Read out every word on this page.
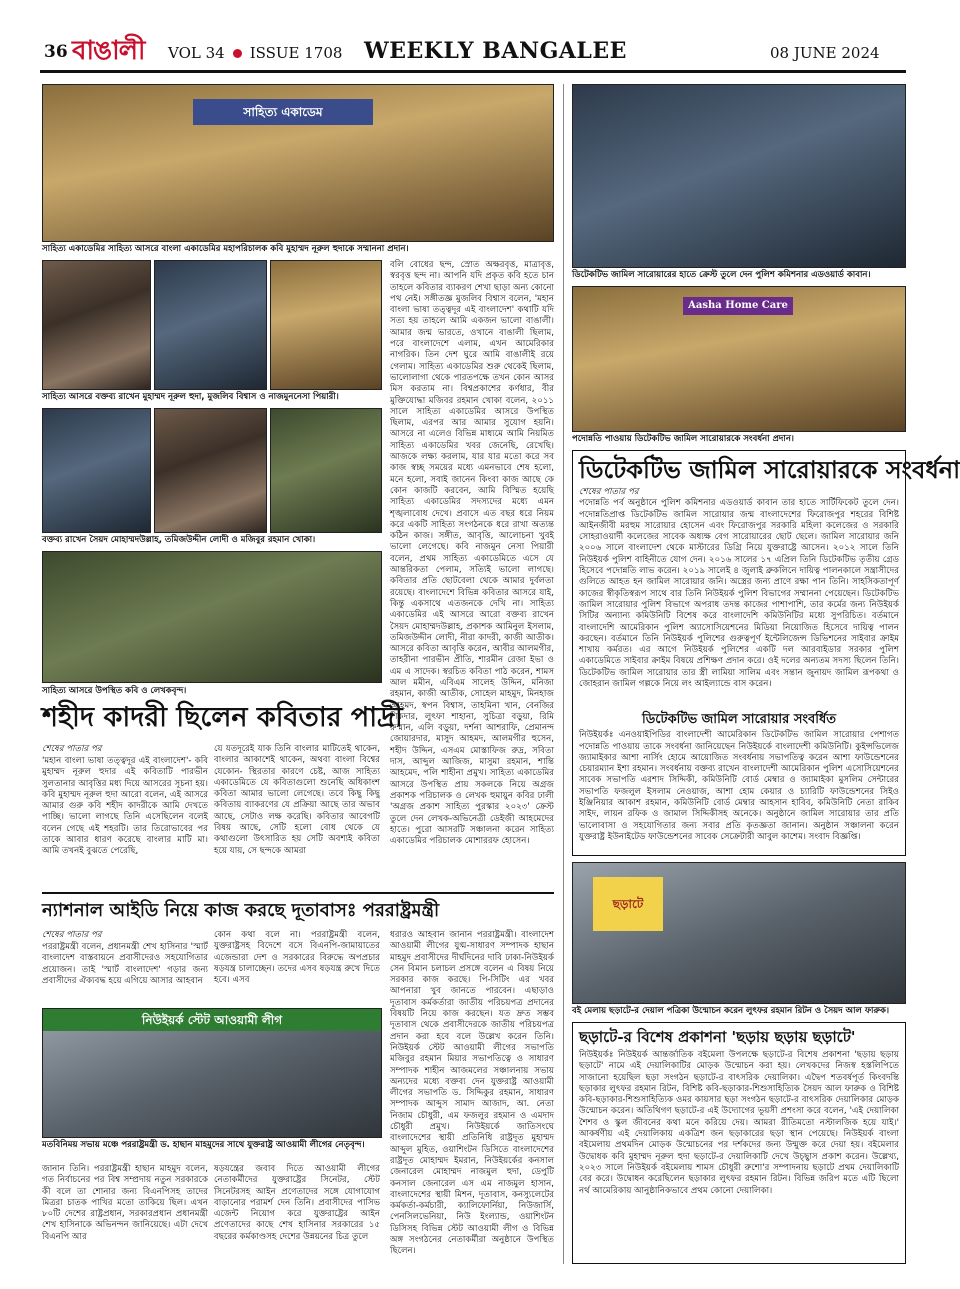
36 বাঙালী VOL 34 ISSUE 1708 WEEKLY BANGALEE	08 JUNE 2024
সাহিত্য একাডেম
সাহিত্য একাডেমির সাহিত্য আসরে বাংলা একাডেমির মহাপরিচালক কবি মুহাম্মদ নূরুল হুদাকে সম্মাননা প্রদান।
সাহিত্য আসরে বক্তব্য রাখেন মুহাম্মদ নূরুল হুদা, মুজলিব বিশ্বাস ও নাজমুননেসা পিয়ারী।
বক্তব্য রাখেন সৈয়দ মোহাম্মদউল্লাহ, তমিজউদ্দীন লোদী ও মজিবুর রহমান খোকা।
সাহিত্য আসরে উপস্থিত কবি ও লেখকবৃন্দ।
বলি বোধের ছন্দ, স্রোত অক্ষরবৃত্ত, মাত্রাবৃত্ত, স্বরবৃত্ত ছন্দ না। আপনি যদি প্রকৃত কবি হতে চান তাহলে কবিতার ব্যাকরণ শেখা ছাড়া অন্য কোনো পথ নেই। সঙ্গীতজ্ঞ মুজলিব বিশ্বাস বলেন, 'মহান বাংলা ভাষা তত্ত্বদূর এই বাংলাদেশ' কথাটি যদি সত্য হয় তাহলে আমি একজন ভালো বাঙালী। আমার জন্ম ভারতে, ওখানে বাঙালী ছিলাম, পরে বাংলাদেশে এলাম, এখন আমেরিকার নাগরিক। তিন দেশ ঘুরে আমি বাঙালীই রয়ে গেলাম। সাহিত্য একাডেমির শুরু থেকেই ছিলাম, ভালোলাগা থেকে পারতপক্ষে তখন কোন আসর মিস করতাম না। বিশ্বপ্রকাশের কর্ণধার, বীর মুক্তিযোদ্ধা মজিবর রহমান খোকা বলেন, ২০১১ সালে সাহিত্য একাডেমির আসরে উপস্থিত ছিলাম, এরপর আর আমার সুযোগ হয়নি। আসরে না এলেও বিভিন্ন মাধ্যমে আমি নিয়মিত সাহিত্য একাডেমির খবর জেনেছি, রেখেছি। আজকে লক্ষ্য করলাম, যার যার মতো করে সব কাজ স্বচ্ছ সময়ের মধ্যে এমনভাবে শেষ হলো, মনে হলো, সবাই জানেন কিংবা কাজ আছে কে কোন কাজটি করবেন, আমি বিস্মিত হয়েছি সাহিত্য একাডেমির সদস্যদের মধ্যে এমন শৃঙ্খলাবোধ দেখে। প্রবাসে এত বছর ধরে নিয়ম করে একটি সাহিত্য সংগঠনকে ধরে রাখা অত্যন্ত কঠিন কাজ। সঙ্গীত, আবৃত্তি, আলোচনা খুবই ভালো লেগেছে। কবি নাজমুন নেসা পিয়ারী বলেন, প্রথম সাহিত্য একাডেমিতে এসে যে আন্তরিকতা পেলাম, সত্যিই ভালো লাগছে। কবিতার প্রতি ছোটবেলা থেকে আমার দুর্বলতা রয়েছে। বাংলাদেশে বিভিন্ন কবিতার আসরে যাই, কিন্তু একসাথে এতজনকে দেখি না। সাহিত্য একাডেমির এই আসরে আরো বক্তব্য রাখেন সৈয়দ মোহাম্মদউল্লাহ, প্রকাশক আমিনুল ইসলাম, তমিজউদ্দীন লোদী, নীরা কাদরী, কাজী আতীক। আসরে কবিতা আবৃত্তি করেন, আবীর আলমগীর, তাহরীনা পারভীন প্রীতি, শারমীন রেজা ইভা ও এম এ সাদেক। স্বরচিত কবিতা পাঠ করেন, শামস আল মমীন, এবিএম সালেহ উদ্দিন, মনিজা রহমান, কাজী আতীক, সোহেল মাহমুদ, মিনহাজ আহমদ, স্বপন বিশ্বাস, তাহমিনা খান, বেনজির শিকদার, লুৎফা শাহানা, সুচিত্রা বড়ুয়া, রিমি রুম্মান, এলি বড়ুয়া, দর্শনা আশরাফি, প্রেমানন্দ জোয়ারদার, মাসুদ আহমদ, আলমগীর হুসেন, শহীদ উদ্দিন, এসএম মোস্তাফিজ রুদ্র, সবিতা দাস, আব্দুল আজিজ, মাসুমা রহমান, শান্তি আহমেদ, পলি শাহীনা প্রমুখ। সাহিত্য একাডেমির আসরে উপস্থিত প্রায় সকলকে নিয়ে অগ্রজ প্রকাশক পরিচালক ও লেখক হুমায়ুন কবির ঢালী 'অগ্রজ প্রকাশ সাহিত্য পুরস্কার ২০২৩' ক্রেস্ট তুলে দেন লেখক-অভিনেত্রী ডেইজী আহমেদের হাতে। পুরো আসরটি সঞ্চালনা করেন সাহিত্য একাডেমির পরিচালক মোশাররফ হোসেন।
শহীদ কাদরী ছিলেন কবিতার পাদ্রী
শেষের পাতার পর
'মহান বাংলা ভাষা তত্ত্বদূর এই বাংলাদেশ'- কবি মুহাম্মদ নূরুল হুদার এই কবিতাটি পারভীন সুলতানার আবৃত্তির মধ্য দিয়ে আসরের সূচনা হয়। কবি মুহাম্মদ নূরুল হুদা আরো বলেন, এই আসরে আমার গুরু কবি শহীদ কাদরীকে আমি দেখতে পাচ্ছি। ভালো লাগছে তিনি এসেছিলেন বলেই বলেন গেছে এই শহরটি। তার তিরোভাবের পর তাকে আবার ধারণ করেছে বাংলার মাটি মা। আমি তখনই বুঝতে পেরেছি,
যে যতদূরেই যাক তিনি বাংলার মাটিতেই থাকেন, বাংলার আকাশেই থাকেন, অথবা বাংলা বিশ্বের যেকোন- স্থিরতার কারণে চেষ্ট, আজ সাহিত্য একাডেমিতে যে কবিতাগুলো শুনেছি অধিকাংশ কবিতা আমার ভালো লেগেছে। তবে কিছু কিছু কবিতায় ব্যাকরণের যে প্রক্রিয়া আছে তার অভাব আছে, সেটাও লক্ষ করেছি। কবিতার আবেগটি বিষয় আছে, সেটি হলো বোধ থেকে যে কথাগুলো উৎসারিত হয় সেটি অবশ্যই কবিতা হয়ে যায়, সে ছন্দকে আমরা
ন্যাশনাল আইডি নিয়ে কাজ করছে দূতাবাসঃ পররাষ্ট্রমন্ত্রী
শেষের পাতার পর
পররাষ্ট্রমন্ত্রী বলেন, প্রধানমন্ত্রী শেখ হাসিনার 'স্মার্ট বাংলাদেশ বাস্তবায়নে প্রবাসীদেরও সহযোগিতার প্রয়োজন। তাই 'স্মার্ট বাংলাদেশ' গড়ার জন্য প্রবাসীদের ঐক্যবদ্ধ হয়ে এগিয়ে আসার আহবান
কোন কথা বলে না। পররাষ্ট্রমন্ত্রী বলেন, যুক্তরাষ্ট্রসহ বিদেশে বসে বিএনপি-জামায়াতের এজেন্ডারা দেশ ও সরকারের বিরুদ্ধে অপপ্রচার ষড়যন্ত্র চালাচ্ছেন। তদের এসব ষড়যন্ত্র রুখে দিতে হবে। এসব
নিউইয়র্ক স্টেট আওয়ামী লীগ
মতবিনিময় সভায় মঞ্চে পররাষ্ট্রমন্ত্রী ড. হাছান মাহমুদের সাথে যুক্তরাষ্ট্র আওয়ামী লীগের নেতৃবৃন্দ।
জানান তিনি। পররাষ্ট্রমন্ত্রী হাছান মাহমুদ বলেন, গত নির্বাচনের পর বিশ্ব সম্প্রদায় নতুন সরকারকে কী বলে তা শোনার জন্য বিএনপিসহ তাদের মিত্ররা চাতক পাখির মতো তাকিয়ে ছিল। এখন ৮০টি দেশের রাষ্ট্রপ্রধান, সরকারপ্রধান প্রধানমন্ত্রী শেখ হাসিনাকে অভিনন্দন জানিয়েছে। এটা দেখে বিএনপি আর
ষড়যন্ত্রের জবাব দিতে আওয়ামী লীগের নেতাকর্মীদের যুক্তরাষ্ট্রের সিনেটর, স্টেট সিনেটরসহ আইন প্রণেতাদের সঙ্গে যোগাযোগ বাড়ানোর পরামর্শ দেন তিনি। প্রবাসীদের পাসিভ এজেন্ট নিয়োগ করে যুক্তরাষ্ট্রের আইন প্রণেতাদের কাছে শেখ হাসিনার সরকারের ১৫ বছরের কর্মকাণ্ডসহ দেশের উন্নয়নের চিত্র তুলে
ধরারও আহবান জানান পররাষ্ট্রমন্ত্রী। বাংলাদেশ আওয়ামী লীগের যুগ্ম-সাধারণ সম্পাদক হাছান মাহমুদ প্রবাসীদের দীর্ঘদিনের দাবি ঢাকা-নিউইয়র্ক সেন বিমান চলাচল প্রসঙ্গে বলেন এ বিষয় নিয়ে সরকার কাজ করছে। পি-সিটিং এর খবর আপনারা খুব জানতে পারবেন। এছাড়াও দূতাবাস কর্মকর্তারা জাতীয় পরিচয়পত্র প্রদানের বিষয়টি নিয়ে কাজ করছেন। যত দ্রুত সম্ভব দূতাবাস থেকে প্রবাসীদেরকে জাতীয় পরিচয়পত্র প্রদান করা হবে বলে উল্লেখ করেন তিনি। নিউইয়র্ক স্টেট আওয়ামী লীগের সভাপতি মজিবুর রহমান মিয়ার সভাপতিত্বে ও সাধারণ সম্পাদক শাহীন আজমলের সঞ্চালনায় সভায় অন্যদের মধ্যে বক্তব্য দেন যুক্তরাষ্ট্র আওয়ামী লীগের সভাপতি ড. সিদ্দিকুর রহমান, সাধারণ সম্পাদক আব্দুস সামাদ আজাদ, আ. নেতা নিজাম চৌধুরী, এম ফজলুর রহমান ও এমদাদ চৌধুরী প্রমুখ। নিউইয়র্কে জাতিসংঘে বাংলাদেশের স্থায়ী প্রতিনিধি রাষ্ট্রদূত মুহাম্মদ আব্দুল মুহিত, ওয়াশিংটন ডিসিতে বাংলাদেশের রাষ্ট্রদূত মোহাম্মদ ইমরান, নিউইয়র্কের কনসাল জেনারেল মোহাম্মদ নাজমুল হুদা, ডেপুটি কনসাল জেনারেল এস এম নাজমুল হাসান, বাংলাদেশের স্থায়ী মিশন, দূতাবাস, কনস্যুলেটের কর্মকর্তা-কর্মচারী, ক্যালিফোর্নিয়া, নিউজার্সি, পেনসিলভেনিয়া, নিউ ইংল্যান্ড, ওয়াশিংটন ডিসিসহ বিভিন্ন স্টেট আওয়ামী লীগ ও বিভিন্ন অঙ্গ সংগঠনের নেতাকর্মীরা অনুষ্ঠানে উপস্থিত ছিলেন।
ডিটেকটিভ জামিল সারোয়ারের হাতে ক্রেস্ট তুলে দেন পুলিশ কমিশনার এডওয়ার্ড কাবান।
Aasha Home Care
পদোন্নতি পাওয়ায় ডিটেকটিভ জামিল সারোয়ারকে সংবর্ধনা প্রদান।
ডিটেকটিভ জামিল সারোয়ারকে সংবর্ধনা
শেষের পাতার পর
পদোন্নতি পর্ব অনুষ্ঠানে পুলিশ কমিশনার এডওয়ার্ড কাবান তার হাতে সার্টিফিকেট তুলে দেন। পদোন্নতিপ্রাপ্ত ডিটেকটিভ জামিল সারোয়ার জন্ম বাংলাদেশের ফিরোজপুর শহরের বিশিষ্ট আইনজীবী মরহুম সারোয়ার হোসেন এবং ফিরোজপুর সরকারি মহিলা কলেজের ও সরকারি সোহরাওয়ার্দী কলেজের সাবেক অধ্যক্ষ বেগ সারোয়ারের ছোট ছেলে। জামিল সারোয়ার জনি ২০০৬ সালে বাংলাদেশ থেকে মাস্টারের ডিগ্রি নিয়ে যুক্তরাষ্ট্রে আসেন। ২০১২ সালে তিনি নিউইয়র্ক পুলিশ বাহিনীতে যোগ দেন। ২০১৬ সালের ১৭ এপ্রিল তিনি ডিটেকটিভ তৃতীয় গ্রেড হিসেবে পদোন্নতি লাভ করেন। ২০১৯ সালেই ৪ জুলাই ব্রুকলিনে দায়িত্ব পালনকালে সন্ত্রাসীদের গুলিতে আহত হন জামিল সারোয়ার জনি। অস্ত্রের জন্য প্রাণে রক্ষা পান তিনি। সাহসিকতাপূর্ণ কাজের স্বীকৃতিস্বরূপ সাথে বার তিনি নিউইয়র্ক পুলিশ বিভাগের সম্মাননা পেয়েছেন। ডিটেকটিভ জামিল সারোয়ার পুলিশ বিভাগে অপরাধ তদন্ত কাজের পাশাপাশি, তার কর্মের জন্য নিউইয়র্ক সিটির অন্যান্য কমিউনিটি বিশেষ করে বাংলাদেশি কমিউনিটির মধ্যে সুপরিচিত। বর্তমানে বাংলাদেশি আমেরিকান পুলিশ অ্যাসোসিয়েশনের মিডিয়া নিয়োজিত হিসেবে দায়িত্ব পালন করছেন। বর্তমানে তিনি নিউইয়র্ক পুলিশের গুরুত্বপূর্ণ ইন্টেলিজেন্স ডিভিশনের সাইবার ক্রাইম শাখায় কর্মরত। এর আগে নিউইয়র্ক পুলিশের একটি দল আরবাইডার সরকার পুলিশ একাডেমিতে সাইবার ক্রাইম বিষয়ে প্রশিক্ষণ প্রদান করে। ওই দলের অন্যতম সদস্য ছিলেন তিনি। ডিটেকটিভ জামিল সারোয়ার তার স্ত্রী লামিয়া সালিম এবং সন্তান জুনায়দ জামিল রূপকথা ও জোহরান জামিল গল্পকে নিয়ে লং আইল্যান্ডে বাস করেন।
ডিটেকটিভ জামিল সারোয়ার সংবর্ধিত
নিউইয়র্কঃ এনওয়াইপিডির বাংলাদেশী আমেরিকান ডিটেকটিভ জামিল সারোয়ার পেশাগত পদোন্নতি পাওয়ায় তাকে সংবর্ধনা জানিয়েছেন নিউইয়র্কে বাংলাদেশী কমিউনিটি। কুইন্সভিলেজ জ্যামাইকার আশা নার্সিং হোমে আয়োজিত সংবর্ধনায় সভাপতিত্ব করেন আশা ফাউন্ডেশনের চেয়ারম্যান ইশা রহমান। সংবর্ধনায় বক্তব্য রাখেন বাংলাদেশী আমেরিকান পুলিশ এসোসিয়েশনের সাবেক সভাপতি এরশাদ সিদ্দিকী, কমিউনিটি বোর্ড মেম্বার ও জ্যামাইকা মুসলিম সেন্টারের সভাপতি ফজলুল ইসলাম নেওয়াজ, আশা হোম কেয়ার ও চ্যারিটি ফাউন্ডেশনের সিইও ইঞ্জিনিয়ার আকাশ রহমান, কমিউনিটি বোর্ড মেম্বার আহসান হাবিব, কমিউনিটি নেতা রাকিব সাইদ, লায়ন রফিক ও জামাল সিদ্দিকীসহ অনেকে। অনুষ্ঠানে জামিল সারোয়ার তার প্রতি ভালোবাসা ও সহযোগিতার জন্য সবার প্রতি কৃতজ্ঞতা জানান। অনুষ্ঠান সঞ্চালনা করেন যুক্তরাষ্ট্র ইউনাইটেড ফাউন্ডেশনের সাবেক সেক্রেটারী আবুল কাশেম। সংবাদ বিজ্ঞপ্তি।
ছড়াটে
বই মেলায় ছড়াটে-র দেয়াল পত্রিকা উন্মোচন করেন লুৎফর রহমান রিটন ও সৈয়দ আল ফারুক।
ছড়াটে-র বিশেষ প্রকাশনা 'ছড়ায় ছড়ায় ছড়াটে'
নিউইয়র্কঃ নিউইয়র্ক আন্তর্জাতিক বইমেলা উপলক্ষে ছড়াটে-র বিশেষ প্রকাশনা 'ছড়ায় ছড়ায় ছড়াটে' নামে এই দেয়ালিকাটির মোড়ক উন্মোচন করা হয়। লেখকদের নিজস্ব হস্তলিপিতে সাজানো হয়েছিল ছড়া সংগঠন ছড়াটে-র বাৎসরিক দেয়ালিকা। এদ্বৈপ শতবর্ষপূর্ত কিংবদন্তি ছড়াকার লুৎফর রহমান রিটন, বিশিষ্ট কবি-ছড়াকার-শিশুসাহিত্যিক সৈয়দ আল ফারুক ও বিশিষ্ট কবি-ছড়াকার-শিশুসাহিত্যিক ওমর কায়সার ছড়া সংগঠন ছড়াটে-র বাৎসরিক দেয়ালিকার মোড়ক উন্মোচন করেন। অতিথিগণ ছড়াটে-র এই উদ্যোগের ভূয়সী প্রশংসা করে বলেন, 'এই দেয়ালিকা শৈশব ও স্কুল জীবনের কথা মনে করিয়ে দেয়। আমরা রীতিমতো নস্টালজিক হয়ে যাই।' আকর্ষণীয় এই দেয়ালিকায় একত্রিশ জন ছড়াকারের ছড়া স্থান পেয়েছে। নিউইয়র্ক বাংলা বইমেলায় প্রথমদিন মোড়ক উন্মোচনের পর দর্শকদের জন্য উন্মুক্ত করে দেয়া হয়। বইমেলার উদ্বোধক কবি মুহাম্মদ নূরুল হুদা ছড়াটে-র দেয়ালিকাটি দেখে উচ্ছ্বাস প্রকাশ করেন। উল্লেখ্য, ২০২৩ সালে নিউইয়র্ক বইমেলায় শামস চৌধুরী রুশো'র সম্পাদনায় ছড়াটে প্রথম দেয়ালিকাটি বের করে। উদ্বোধন করেছিলেন ছড়াকার লুৎফর রহমান রিটন। বিভিন্ন জরিপ মতে এটি ছিলো নর্থ আমেরিকায় আনুষ্ঠানিকভাবে প্রথম কোনো দেয়ালিকা।
